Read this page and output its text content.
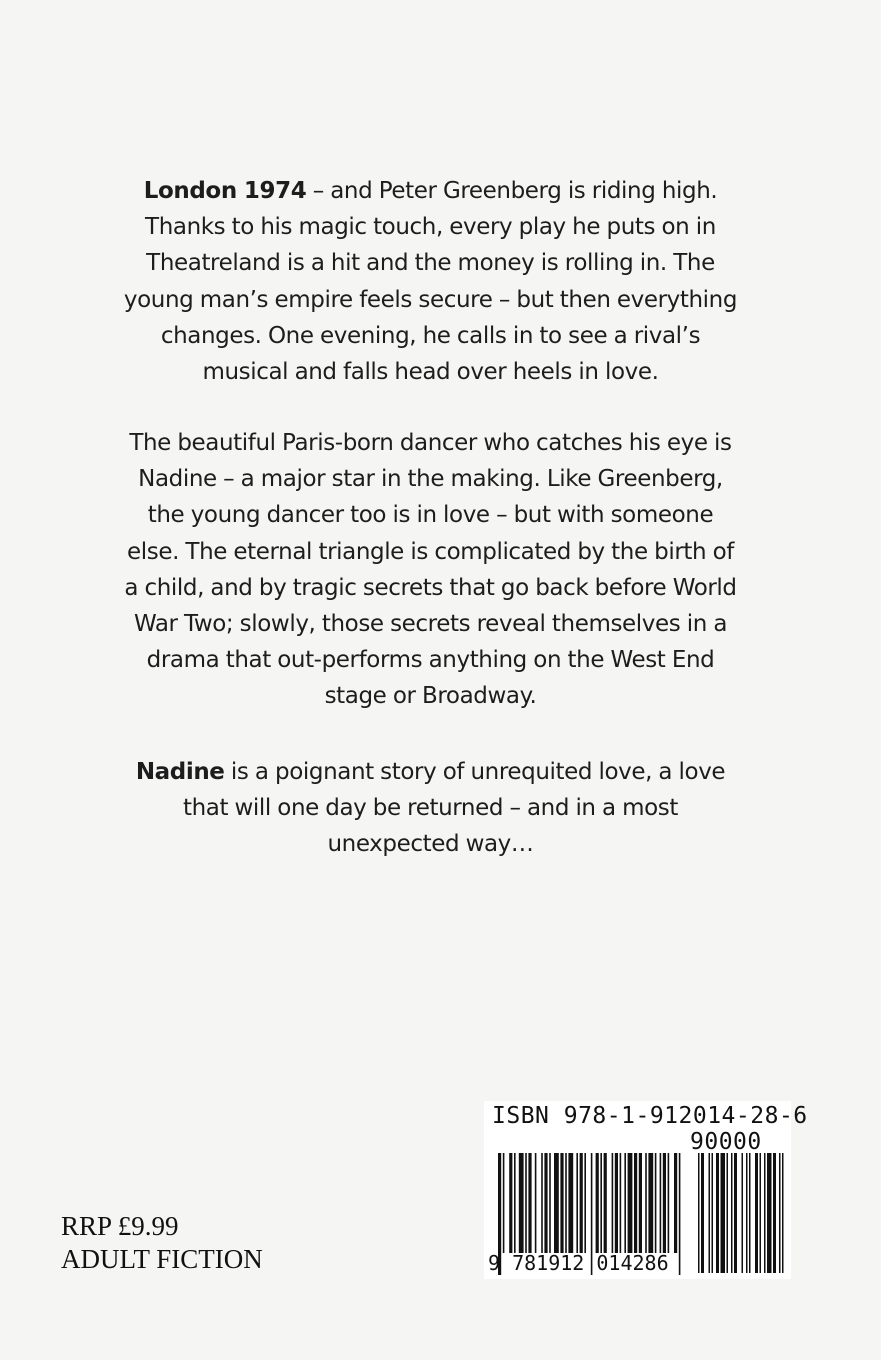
London 1974 – and Peter Greenberg is riding high. Thanks to his magic touch, every play he puts on in Theatreland is a hit and the money is rolling in. The young man’s empire feels secure – but then everything changes. One evening, he calls in to see a rival’s musical and falls head over heels in love.

The beautiful Paris-born dancer who catches his eye is Nadine – a major star in the making. Like Greenberg, the young dancer too is in love – but with someone else. The eternal triangle is complicated by the birth of a child, and by tragic secrets that go back before World War Two; slowly, those secrets reveal themselves in a drama that out-performs anything on the West End stage or Broadway.

Nadine is a poignant story of unrequited love, a love that will one day be returned – and in a most unexpected way…

RRP £9.99
ADULT FICTION
ISBN 978-1-912014-28-6
90000
9 781912 014286
